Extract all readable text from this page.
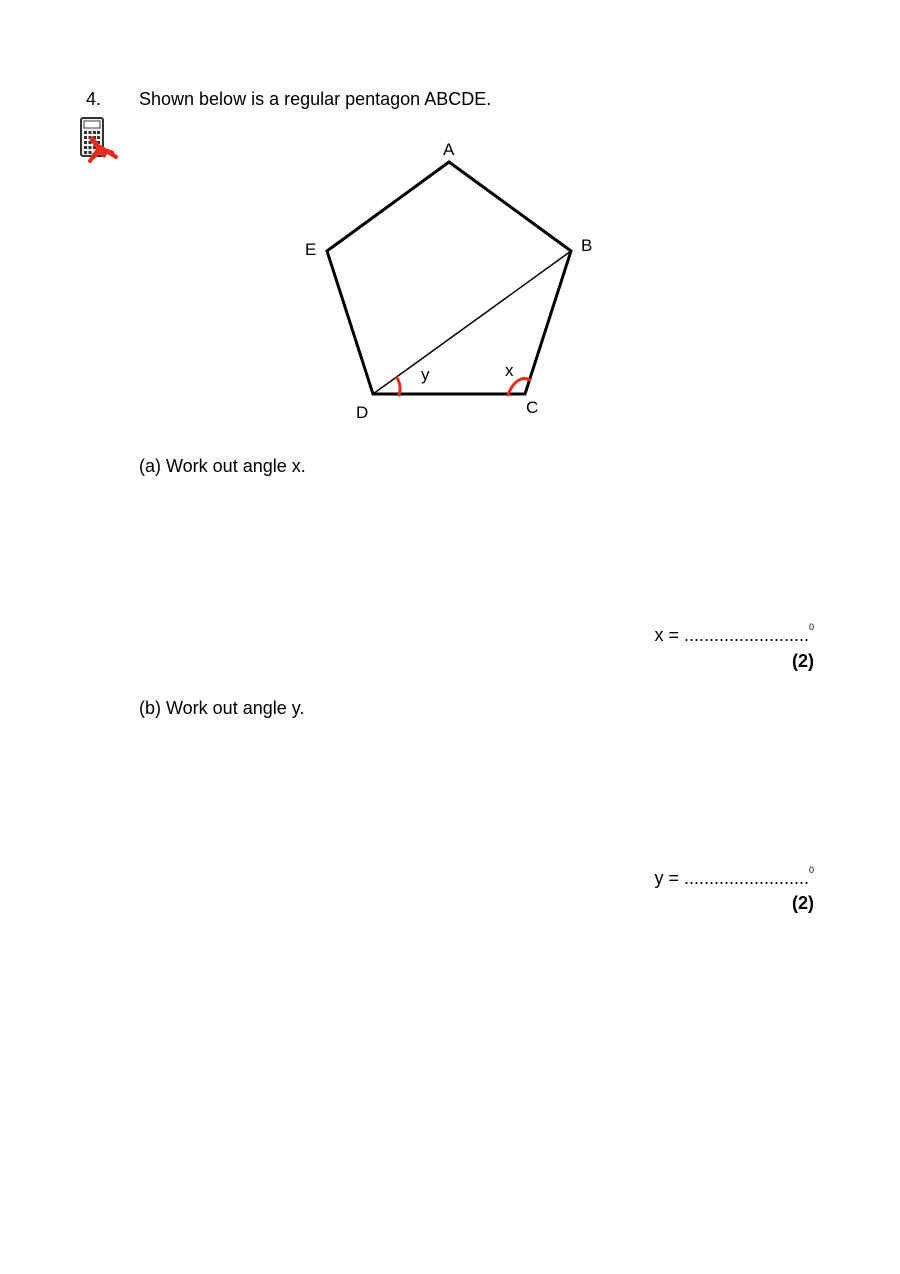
4. Shown below is a regular pentagon ABCDE.
A
B
C
D
E
y	x
(a) Work out angle x.
x = .........................$^0$
(2)
(b) Work out angle y.
y = .........................$^0$
(2)
